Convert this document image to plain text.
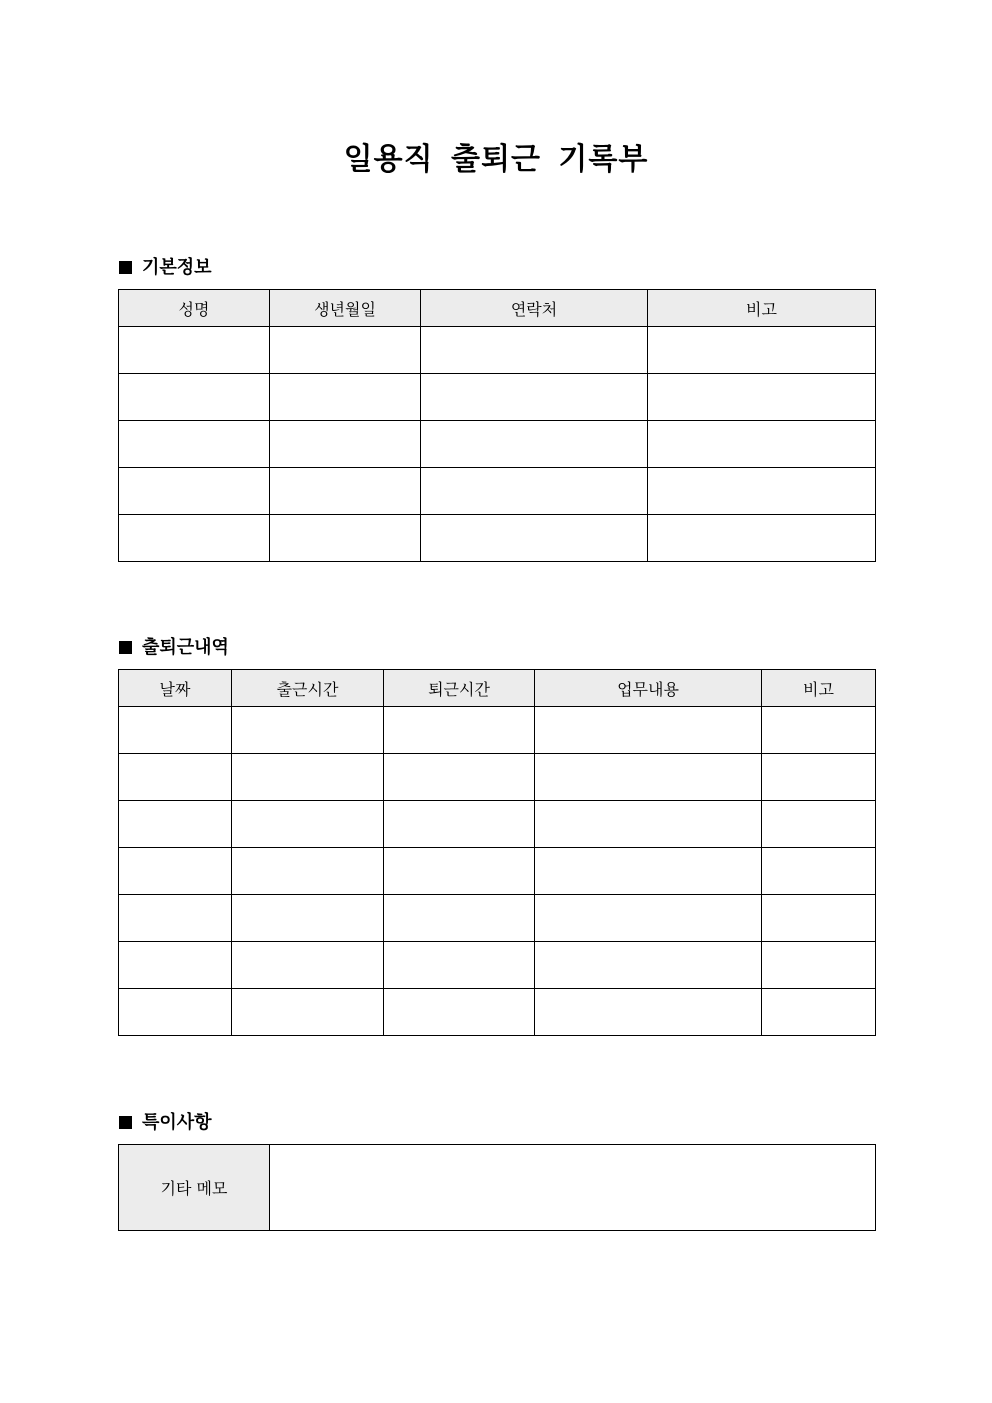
일용직 출퇴근 기록부
기본정보
성명	생년월일	연락처	비고

출퇴근내역
날짜	출근시간	퇴근시간	업무내용	비고

특이사항
기타 메모	
